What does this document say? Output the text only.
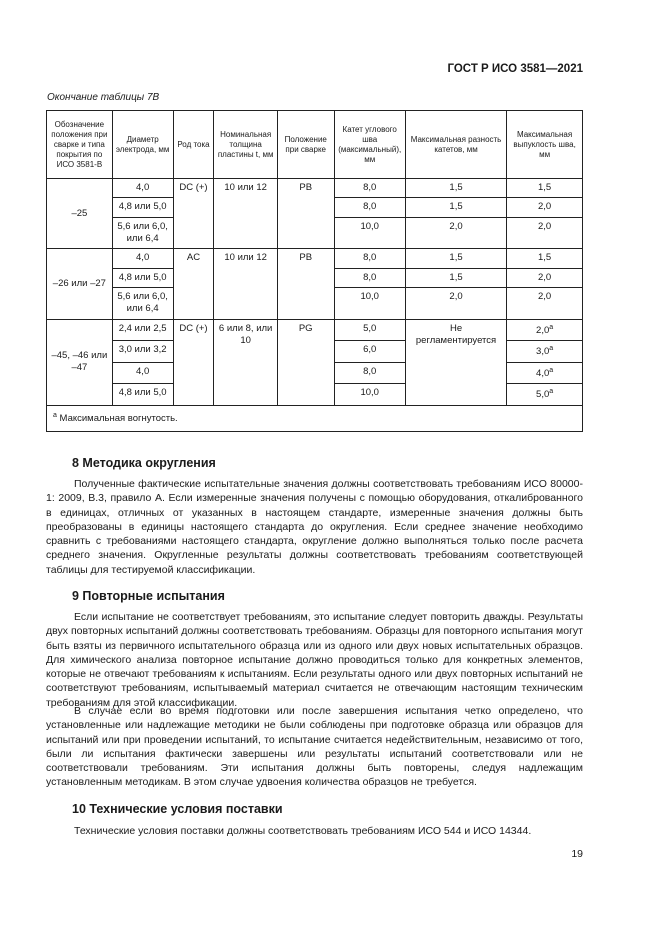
ГОСТ Р ИСО 3581—2021
Окончание таблицы 7В
Обозначение положения при сварке и типа покрытия по ИСО 3581-В	Диаметр электрода, мм	Род тока	Номинальная толщина пластины t, мм	Положение при сварке	Катет углового шва (максимальный), мм	Максимальная разность катетов, мм	Максимальная выпуклость шва, мм
–25	4,0	DC (+)	10 или 12	PB	8,0	1,5	1,5
	4,8 или 5,0				8,0	1,5	2,0
	5,6 или 6,0, или 6,4				10,0	2,0	2,0
–26 или –27	4,0	AC	10 или 12	PB	8,0	1,5	1,5
	4,8 или 5,0				8,0	1,5	2,0
	5,6 или 6,0, или 6,4				10,0	2,0	2,0
–45, –46 или –47	2,4 или 2,5	DC (+)	6 или 8, или 10	PG	5,0	Не регламентируется	$2,0^а$
	3,0 или 3,2				6,0		$3,0^а$
	4,0				8,0		$4,0^а$
	4,8 или 5,0				10,0		$5,0^а$
$^а$ Максимальная вогнутость.							
8 Методика округления

Полученные фактические испытательные значения должны соответствовать требованиям ИСО 80000-1: 2009, В.3, правило А. Если измеренные значения получены с помощью оборудования, откалиброванного в единицах, отличных от указанных в настоящем стандарте, измеренные значения должны быть преобразованы в единицы настоящего стандарта до округления. Если среднее значение необходимо сравнить с требованиями настоящего стандарта, округление должно выполняться только после расчета среднего значения. Округленные результаты должны соответствовать требованиям соответствующей таблицы для тестируемой классификации.

9 Повторные испытания

Если испытание не соответствует требованиям, это испытание следует повторить дважды. Результаты двух повторных испытаний должны соответствовать требованиям. Образцы для повторного испытания могут быть взяты из первичного испытательного образца или из одного или двух новых испытательных образцов. Для химического анализа повторное испытание должно проводиться только для конкретных элементов, которые не отвечают требованиям к испытаниям. Если результаты одного или двух повторных испытаний не соответствуют требованиям, испытываемый материал считается не отвечающим настоящим техническим требованиям для этой классификации.

В случае если во время подготовки или после завершения испытания четко определено, что установленные или надлежащие методики не были соблюдены при подготовке образца или образцов для испытаний или при проведении испытаний, то испытание считается недействительным, независимо от того, были ли испытания фактически завершены или результаты испытаний соответствовали или не соответствовали требованиям. Эти испытания должны быть повторены, следуя надлежащим установленным методикам. В этом случае удвоения количества образцов не требуется.

10 Технические условия поставки

Технические условия поставки должны соответствовать требованиям ИСО 544 и ИСО 14344.

19
